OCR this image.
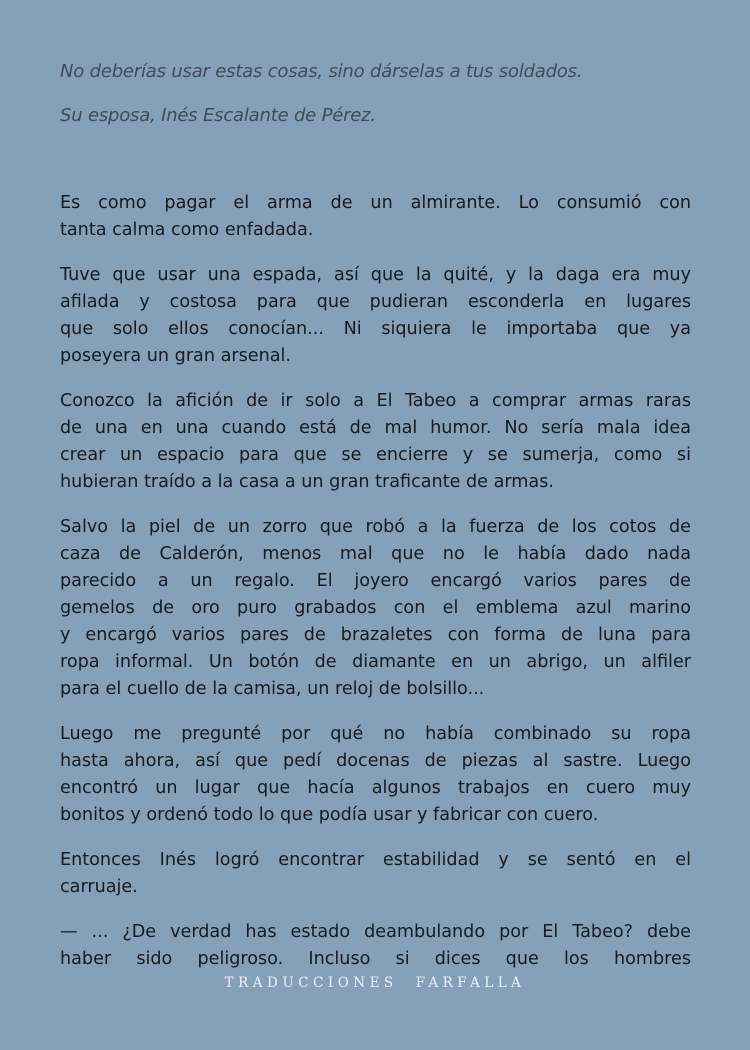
No deberías usar estas cosas, sino dárselas a tus soldados.
Su esposa, Inés Escalante de Pérez.
Es como pagar el arma de un almirante. Lo consumió con
tanta calma como enfadada.
Tuve que usar una espada, así que la quité, y la daga era muy
afilada y costosa para que pudieran esconderla en lugares
que solo ellos conocían... Ni siquiera le importaba que ya
poseyera un gran arsenal.
Conozco la afición de ir solo a El Tabeo a comprar armas raras
de una en una cuando está de mal humor. No sería mala idea
crear un espacio para que se encierre y se sumerja, como si
hubieran traído a la casa a un gran traficante de armas.
Salvo la piel de un zorro que robó a la fuerza de los cotos de
caza de Calderón, menos mal que no le había dado nada
parecido a un regalo. El joyero encargó varios pares de
gemelos de oro puro grabados con el emblema azul marino
y encargó varios pares de brazaletes con forma de luna para
ropa informal. Un botón de diamante en un abrigo, un alfiler
para el cuello de la camisa, un reloj de bolsillo...
Luego me pregunté por qué no había combinado su ropa
hasta ahora, así que pedí docenas de piezas al sastre. Luego
encontró un lugar que hacía algunos trabajos en cuero muy
bonitos y ordenó todo lo que podía usar y fabricar con cuero.
Entonces Inés logró encontrar estabilidad y se sentó en el
carruaje.
— ... ¿De verdad has estado deambulando por El Tabeo? debe
haber sido peligroso. Incluso si dices que los hombres
TRADUCCIONES FARFALLA
